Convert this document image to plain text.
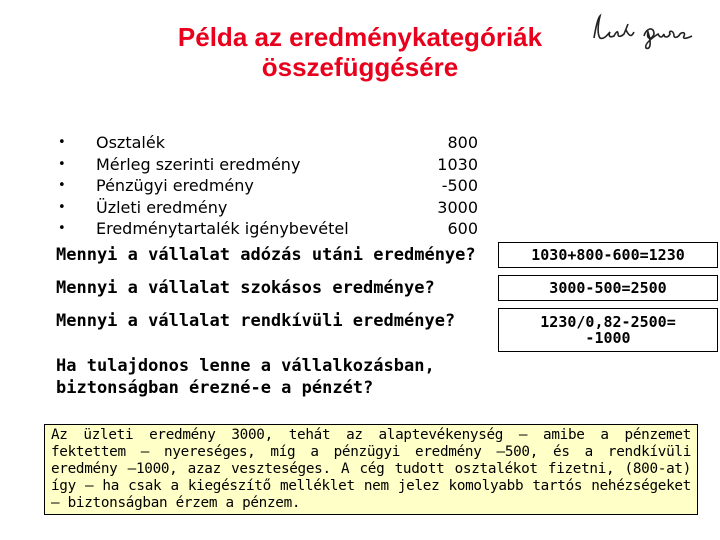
Példa az eredménykategóriák összefüggésére
Lévai Ágnes
•	Osztalék	800
•	Mérleg szerinti eredmény	1030
•	Pénzügyi eredmény	-500
•	Üzleti eredmény	3000
•	Eredménytartalék igénybevétel	600
Mennyi a vállalat adózás utáni eredménye?	1030+800-600=1230
Mennyi a vállalat szokásos eredménye?	3000-500=2500
Mennyi a vállalat rendkívüli eredménye?	1230/0,82-2500=
-1000
Ha tulajdonos lenne a vállalkozásban,
biztonságban érezné-e a pénzét?
Az üzleti eredmény 3000, tehát az alaptevékenység – amibe a pénzemet fektettem – nyereséges, míg a pénzügyi eredmény –500, és a rendkívüli eredmény –1000, azaz veszteséges. A cég tudott osztalékot fizetni, (800-at) így – ha csak a kiegészítő melléklet nem jelez komolyabb tartós nehézségeket – biztonságban érzem a pénzem.
